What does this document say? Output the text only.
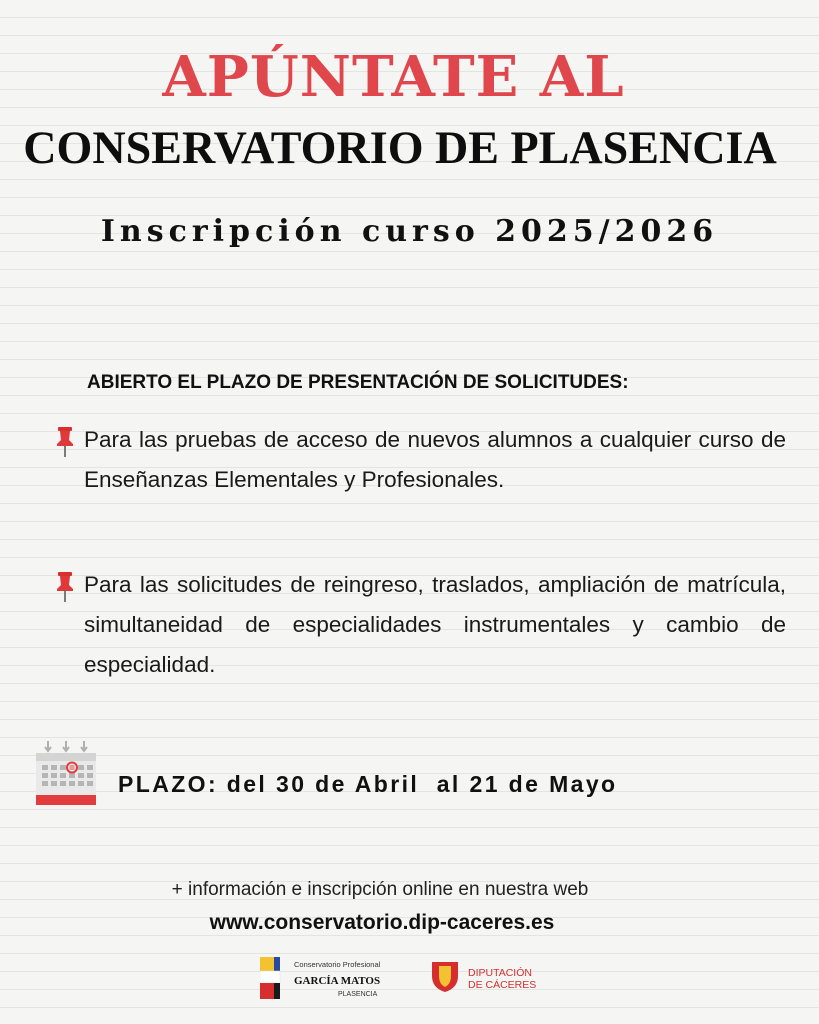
APÚNTATE AL
CONSERVATORIO DE PLASENCIA
Inscripción curso 2025/2026
ABIERTO EL PLAZO DE PRESENTACIÓN DE SOLICITUDES:
Para las pruebas de acceso de nuevos alumnos a cualquier curso de Enseñanzas Elementales y Profesionales.
Para las solicitudes de reingreso, traslados, ampliación de matrícula, simultaneidad de especialidades instrumentales y cambio de especialidad.
PLAZO: del 30 de Abril  al 21 de Mayo
+ información e inscripción online en nuestra web
www.conservatorio.dip-caceres.es
Conservatorio Profesional
GARCÍA MATOS
PLASENCIA
DIPUTACIÓN
DE CÁCERES
